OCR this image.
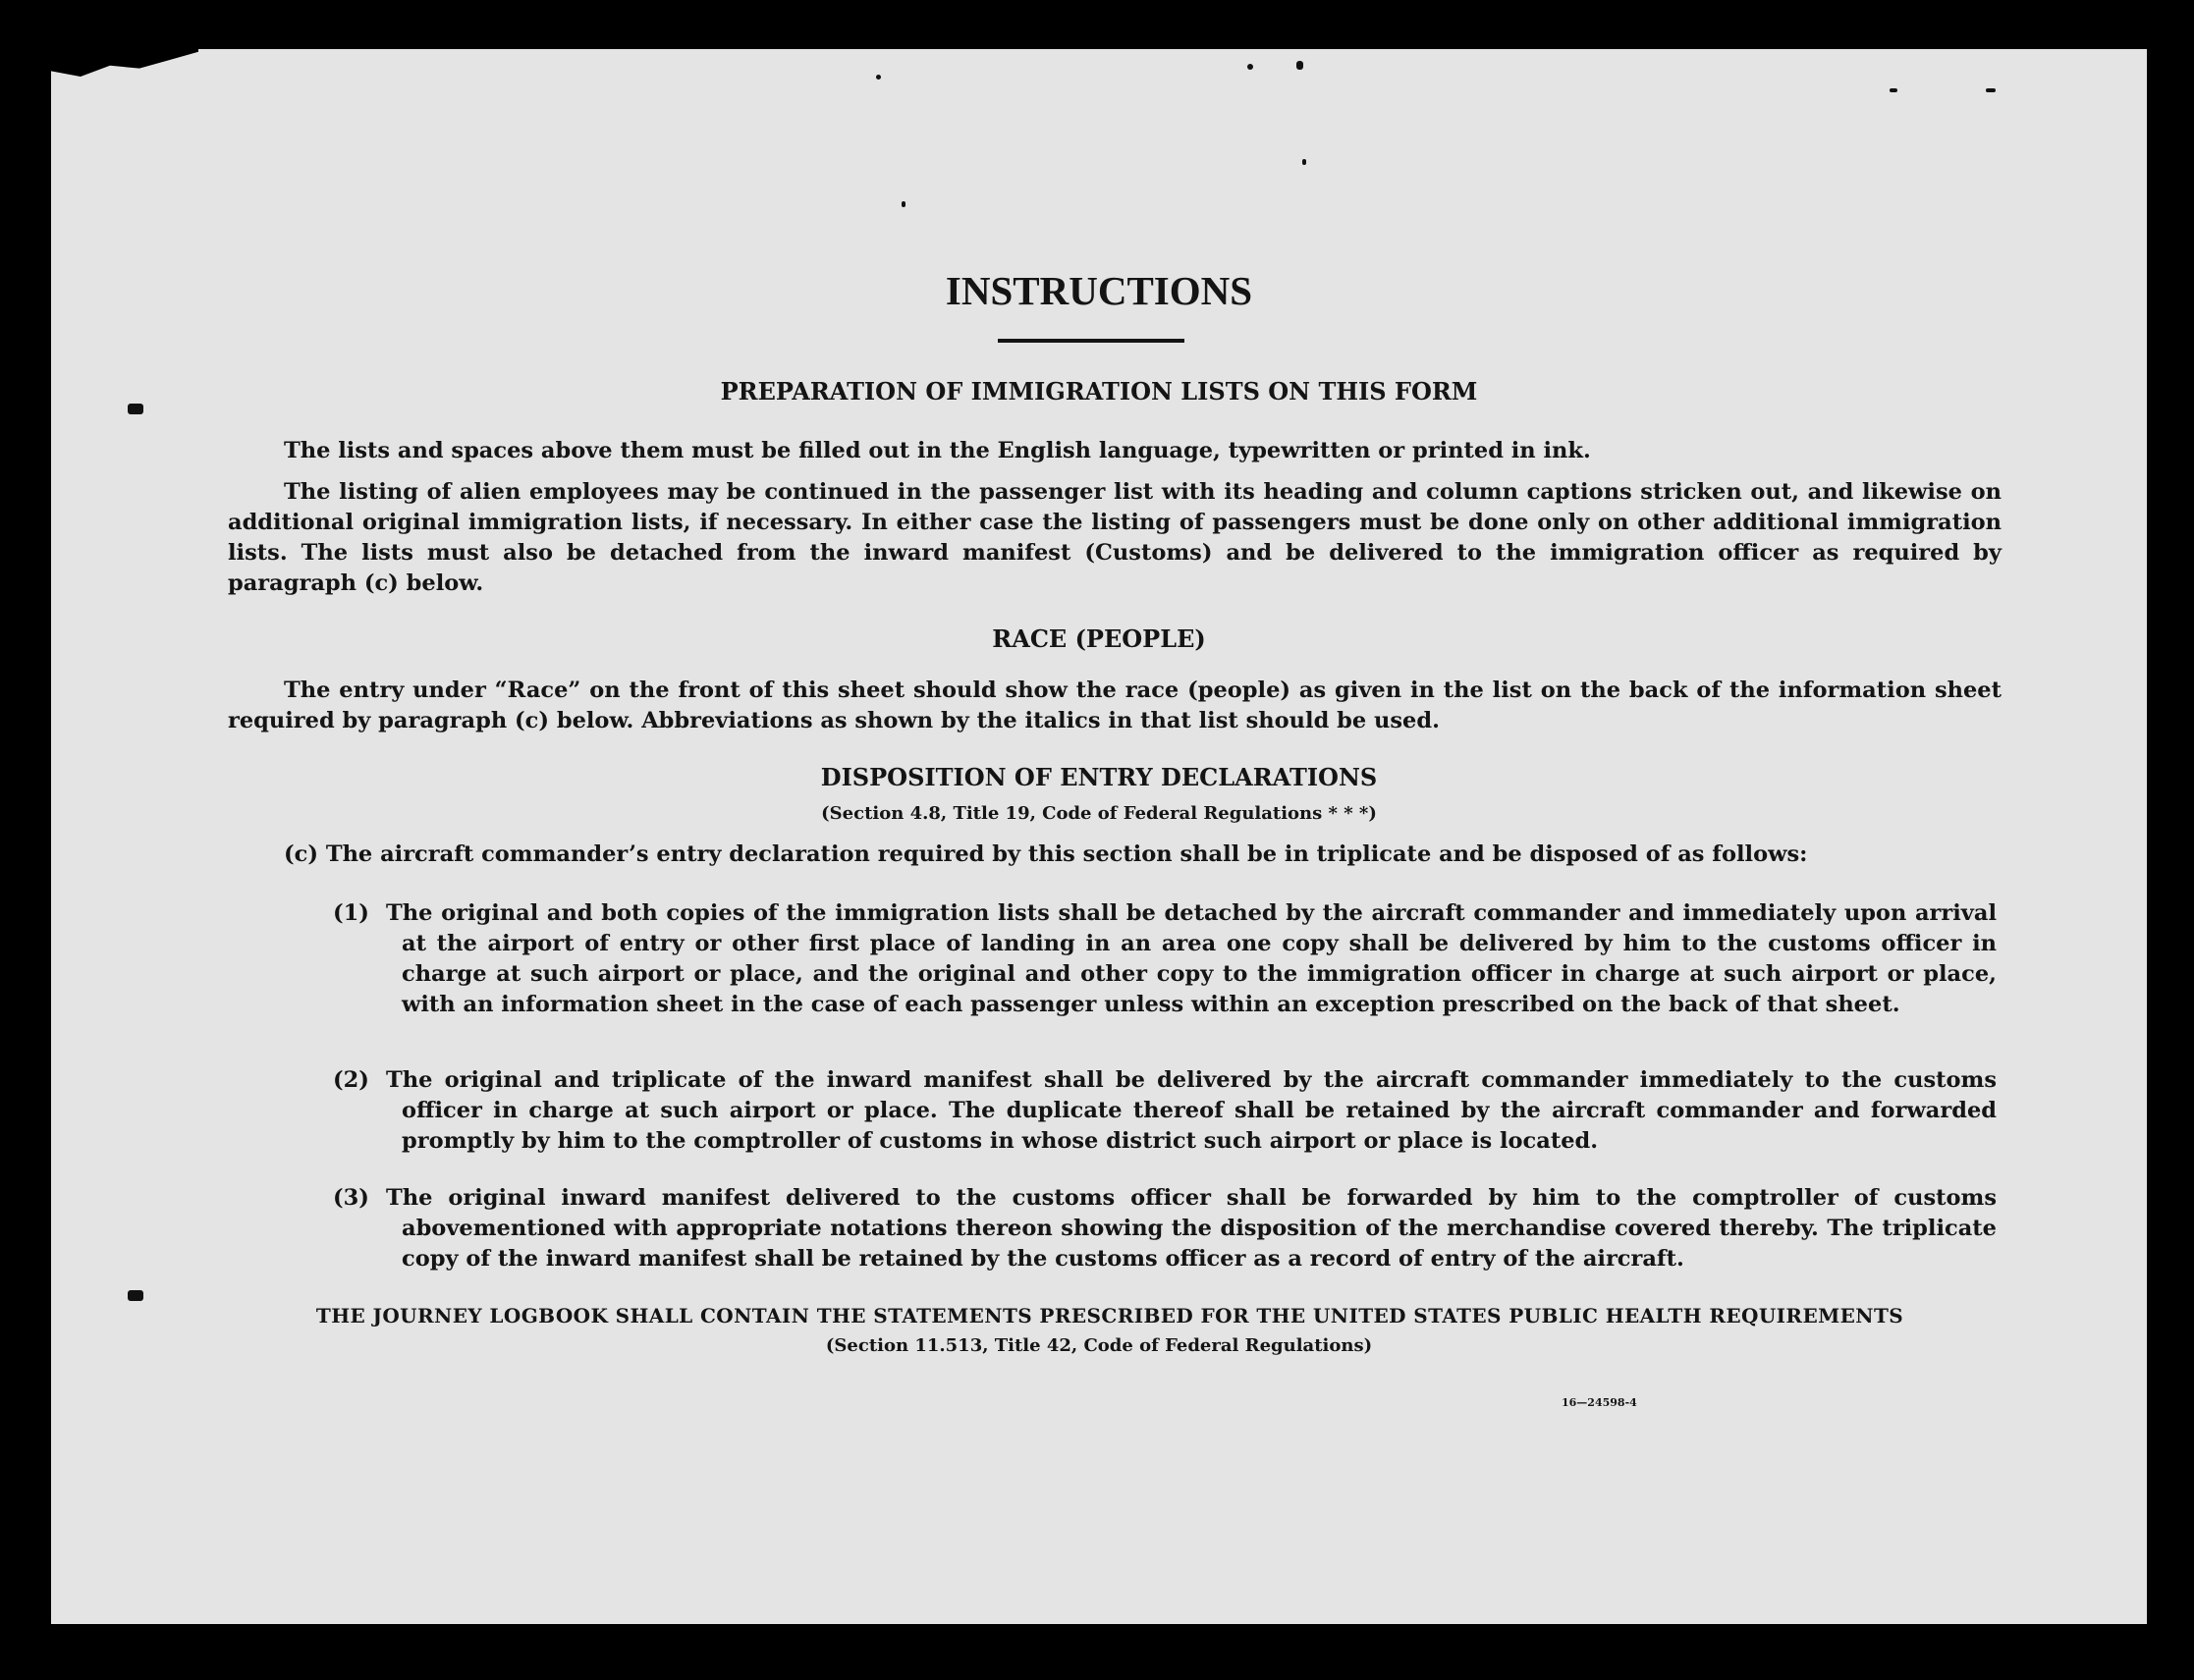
INSTRUCTIONS
PREPARATION OF IMMIGRATION LISTS ON THIS FORM
The lists and spaces above them must be filled out in the English language, typewritten or printed in ink.
The listing of alien employees may be continued in the passenger list with its heading and column captions stricken out, and likewise on additional original immigration lists, if necessary. In either case the listing of passengers must be done only on other additional immigration lists. The lists must also be detached from the inward manifest (Customs) and be delivered to the immigration officer as required by paragraph (c) below.
RACE (PEOPLE)
The entry under “Race” on the front of this sheet should show the race (people) as given in the list on the back of the information sheet required by paragraph (c) below. Abbreviations as shown by the italics in that list should be used.
DISPOSITION OF ENTRY DECLARATIONS
(Section 4.8, Title 19, Code of Federal Regulations * * *)
(c) The aircraft commander’s entry declaration required by this section shall be in triplicate and be disposed of as follows:
(1) The original and both copies of the immigration lists shall be detached by the aircraft commander and immediately upon arrival at the airport of entry or other first place of landing in an area one copy shall be delivered by him to the customs officer in charge at such airport or place, and the original and other copy to the immigration officer in charge at such airport or place, with an information sheet in the case of each passenger unless within an exception prescribed on the back of that sheet.
(2) The original and triplicate of the inward manifest shall be delivered by the aircraft commander immediately to the customs officer in charge at such airport or place. The duplicate thereof shall be retained by the aircraft commander and forwarded promptly by him to the comptroller of customs in whose district such airport or place is located.
(3) The original inward manifest delivered to the customs officer shall be forwarded by him to the comptroller of customs abovementioned with appropriate notations thereon showing the disposition of the merchandise covered thereby. The triplicate copy of the inward manifest shall be retained by the customs officer as a record of entry of the aircraft.
THE JOURNEY LOGBOOK SHALL CONTAIN THE STATEMENTS PRESCRIBED FOR THE UNITED STATES PUBLIC HEALTH REQUIREMENTS
(Section 11.513, Title 42, Code of Federal Regulations)
16—24598-4
